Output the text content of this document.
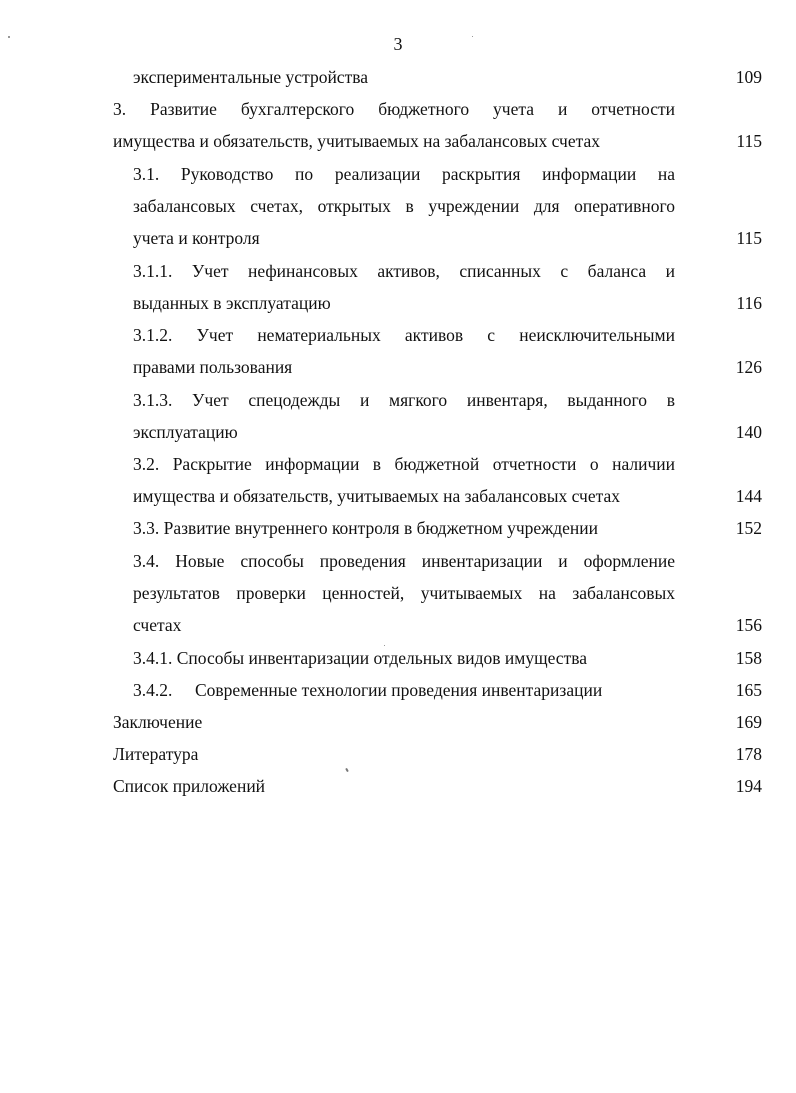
3
экспериментальные устройства	109
3. Развитие бухгалтерского бюджетного учета и отчетности
имущества и обязательств, учитываемых на забалансовых счетах	115
3.1. Руководство по реализации раскрытия информации на
забалансовых счетах, открытых в учреждении для оперативного
учета и контроля	115
3.1.1. Учет нефинансовых активов, списанных с баланса и
выданных в эксплуатацию	116
3.1.2. Учет нематериальных активов с неисключительными
правами пользования	126
3.1.3. Учет спецодежды и мягкого инвентаря, выданного в
эксплуатацию	140
3.2. Раскрытие информации в бюджетной отчетности о наличии
имущества и обязательств, учитываемых на забалансовых счетах	144
3.3. Развитие внутреннего контроля в бюджетном учреждении	152
3.4. Новые способы проведения инвентаризации и оформление
результатов проверки ценностей, учитываемых на забалансовых
счетах	156
3.4.1. Способы инвентаризации отдельных видов имущества	158
3.4.2. Современные технологии проведения инвентаризации	165
Заключение	169
Литература	178
Список приложений	194
